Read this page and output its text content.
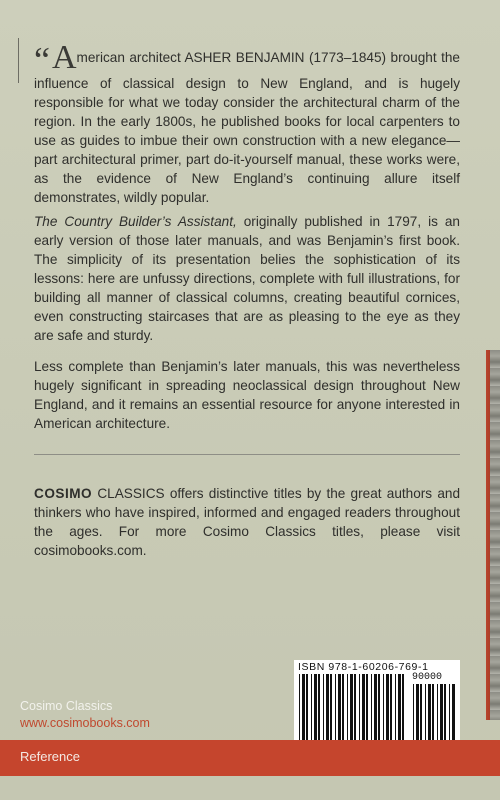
“American architect ASHER BENJAMIN (1773–1845) brought the influence of classical design to New England, and is hugely responsible for what we today consider the architectural charm of the region. In the early 1800s, he published books for local carpenters to use as guides to imbue their own construction with a new elegance—part architectural primer, part do-it-yourself manual, these works were, as the evidence of New England’s continuing allure itself demonstrates, wildly popular.
The Country Builder’s Assistant, originally published in 1797, is an early version of those later manuals, and was Benjamin’s first book. The simplicity of its presentation belies the sophistication of its lessons: here are unfussy directions, complete with full illustrations, for building all manner of classical columns, creating beautiful cornices, even constructing staircases that are as pleasing to the eye as they are safe and sturdy.
Less complete than Benjamin’s later manuals, this was nevertheless hugely significant in spreading neoclassical design throughout New England, and it remains an essential resource for anyone interested in American architecture.
COSIMO CLASSICS offers distinctive titles by the great authors and thinkers who have inspired, informed and engaged readers throughout the ages. For more Cosimo Classics titles, please visit cosimobooks.com.
ISBN 978-1-60206-769-1
90000
Cosimo Classics
www.cosimobooks.com
Reference
